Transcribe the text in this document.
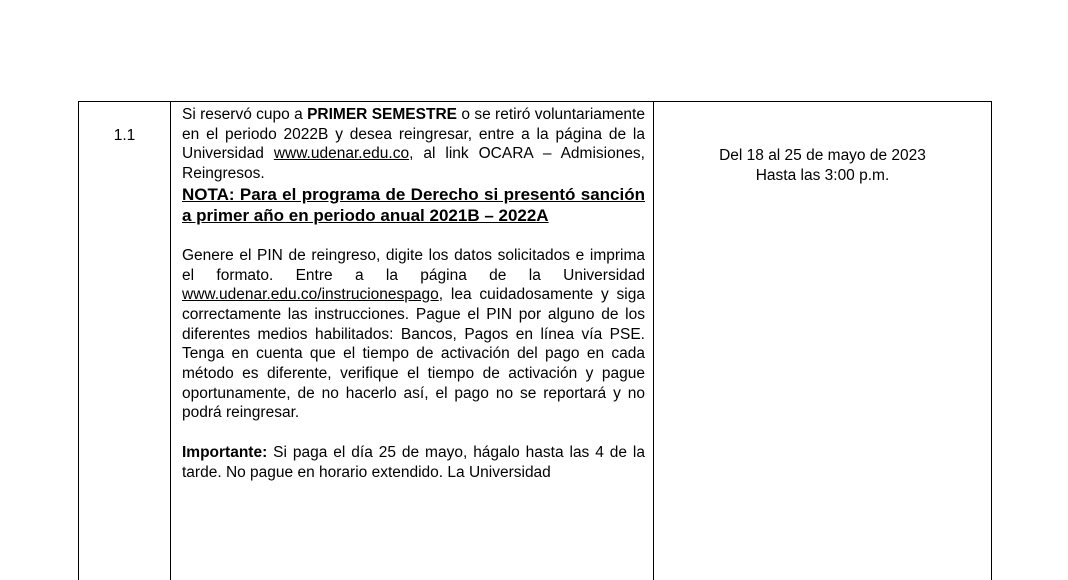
1.1

Si reservó cupo a PRIMER SEMESTRE o se retiró voluntariamente en el periodo 2022B y desea reingresar, entre a la página de la Universidad www.udenar.edu.co, al link OCARA – Admisiones, Reingresos.

NOTA: Para el programa de Derecho si presentó sanción a primer año en periodo anual 2021B – 2022A

Genere el PIN de reingreso, digite los datos solicitados e imprima el formato. Entre a la página de la Universidad www.udenar.edu.co/instrucionespago, lea cuidadosamente y siga correctamente las instrucciones. Pague el PIN por alguno de los diferentes medios habilitados: Bancos, Pagos en línea vía PSE. Tenga en cuenta que el tiempo de activación del pago en cada método es diferente, verifique el tiempo de activación y pague oportunamente, de no hacerlo así, el pago no se reportará y no podrá reingresar.

Importante: Si paga el día 25 de mayo, hágalo hasta las 4 de la tarde. No pague en horario extendido. La Universidad

Del 18 al 25 de mayo de 2023
Hasta las 3:00 p.m.
